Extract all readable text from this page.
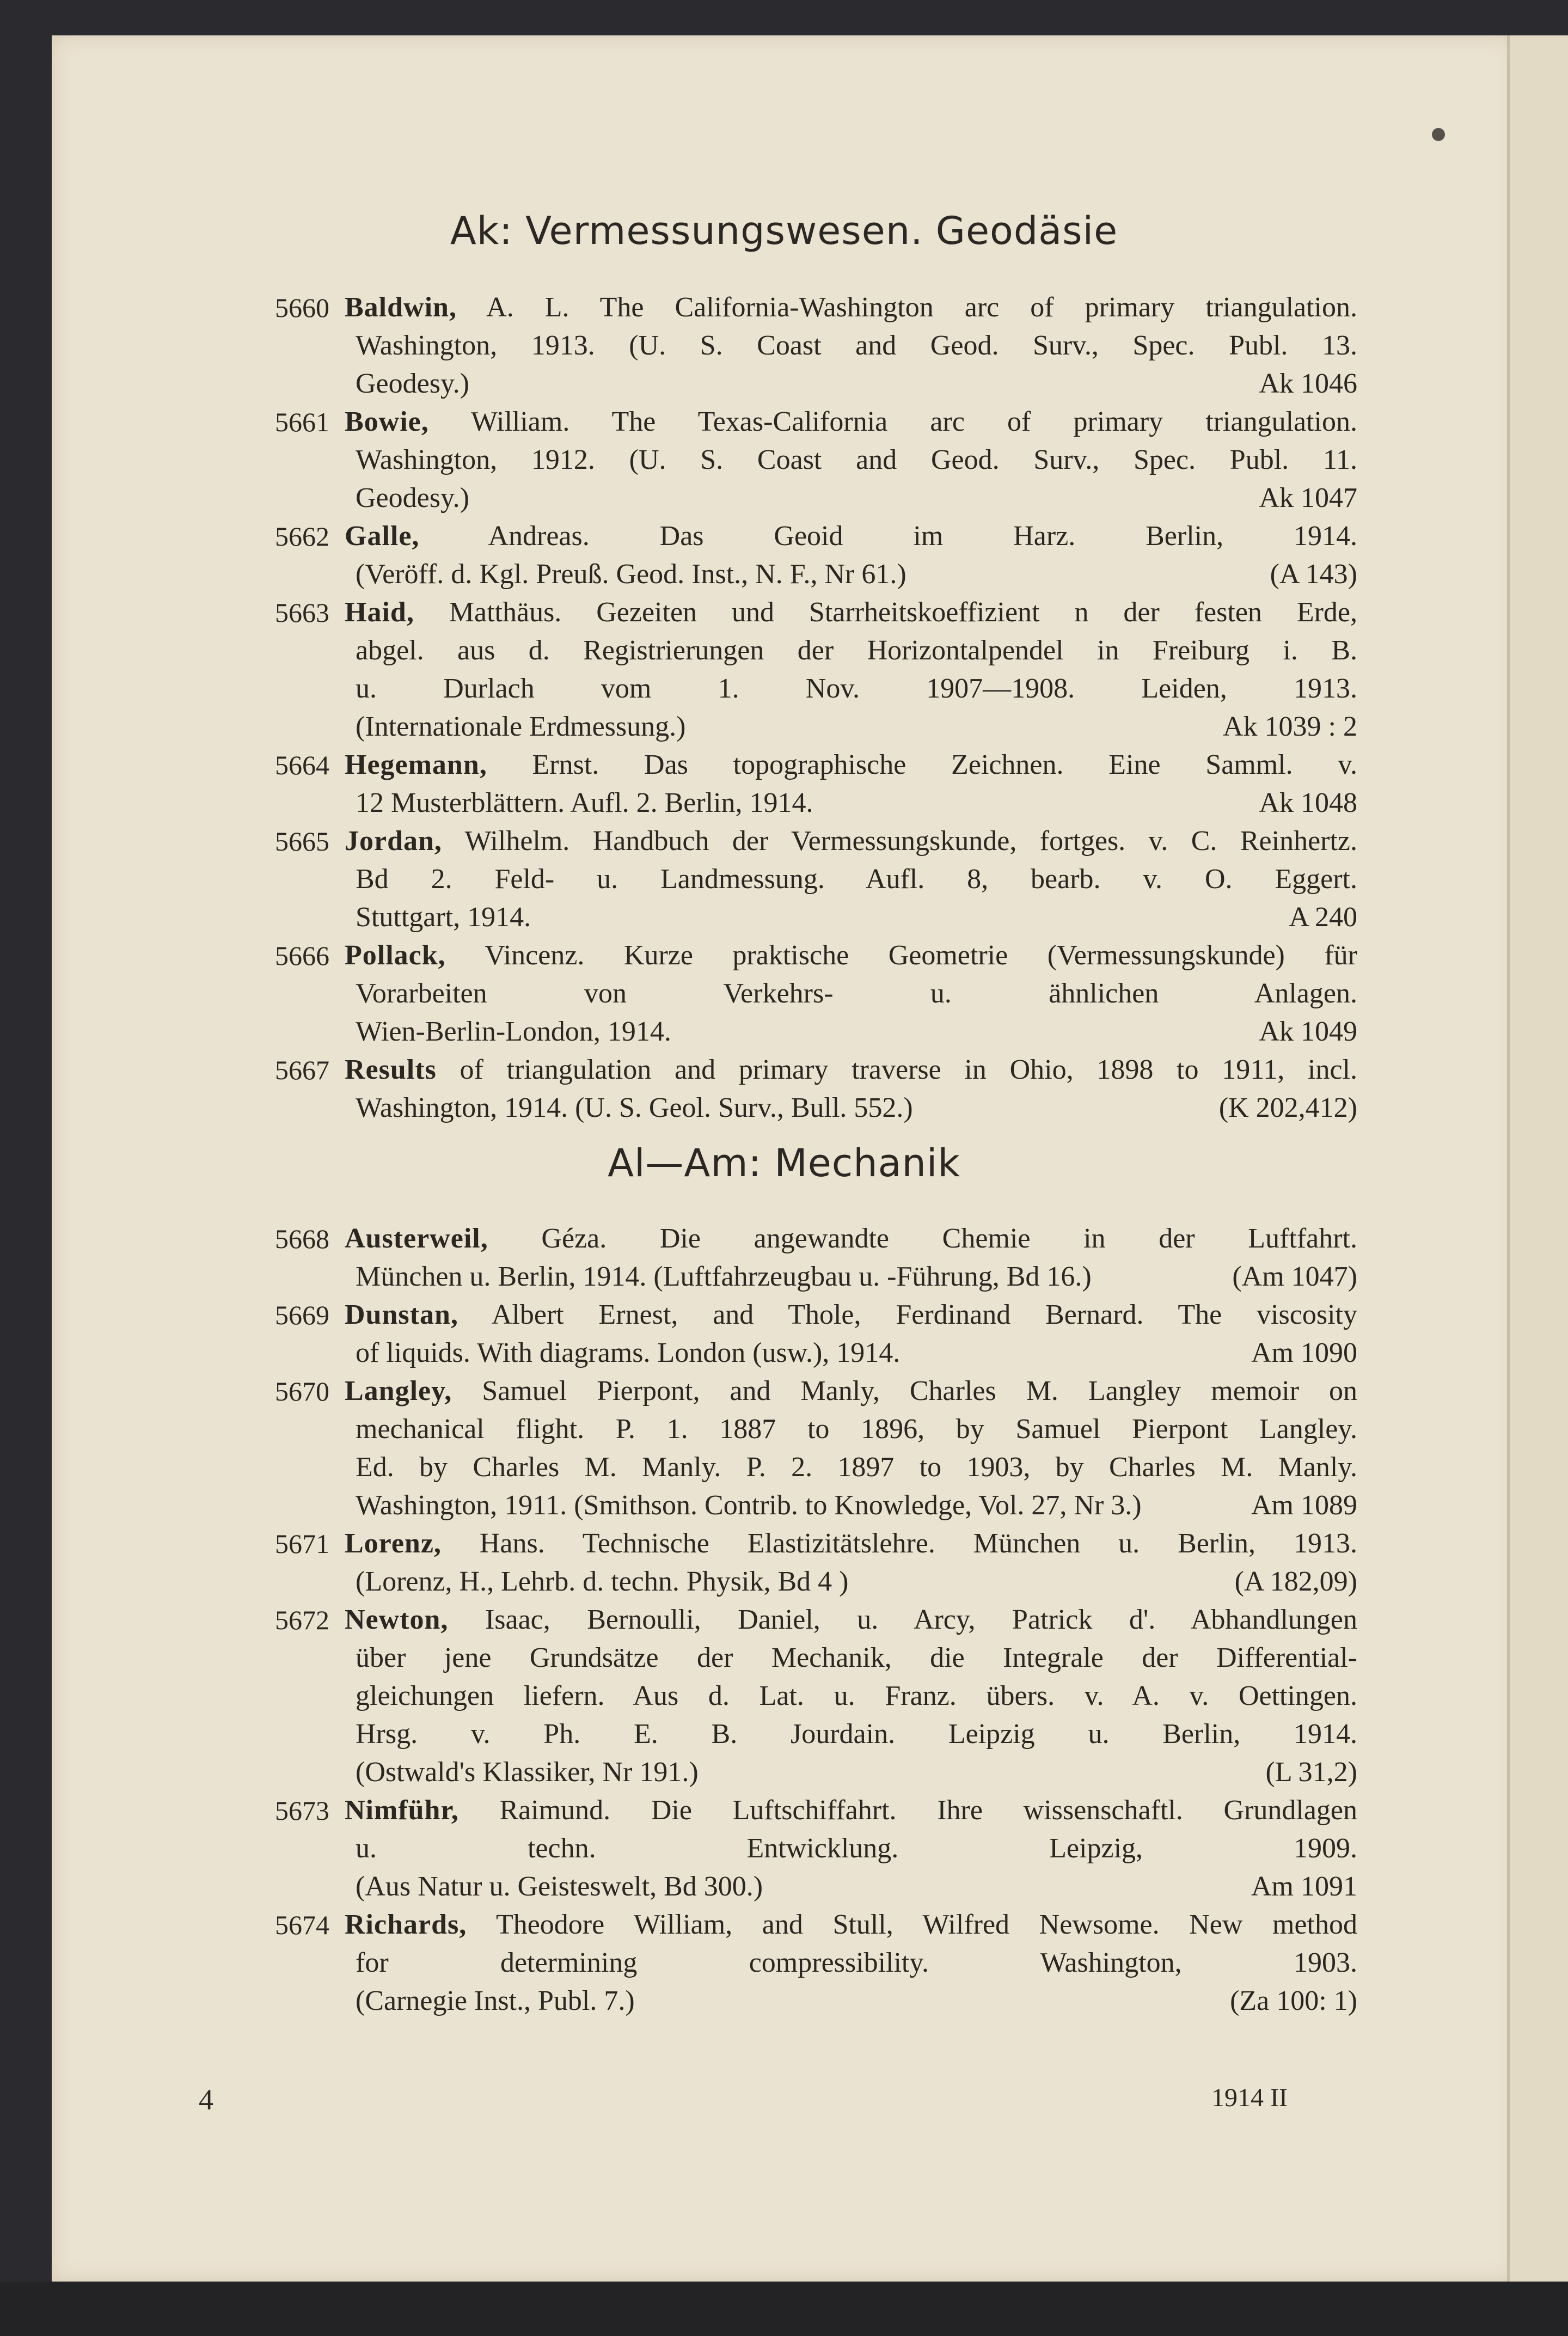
Ak: Vermessungswesen. Geodäsie
Al—Am: Mechanik
5660 Baldwin, A. L. The California-Washington arc of primary triangulation.
Washington, 1913. (U. S. Coast and Geod. Surv., Spec. Publ. 13.
Geodesy.)	Ak 1046
5661 Bowie, William. The Texas-California arc of primary triangulation.
Washington, 1912. (U. S. Coast and Geod. Surv., Spec. Publ. 11.
Geodesy.)	Ak 1047
5662 Galle, Andreas. Das Geoid im Harz. Berlin, 1914.
(Veröff. d. Kgl. Preuß. Geod. Inst., N. F., Nr 61.)	(A 143)
5663 Haid, Matthäus. Gezeiten und Starrheitskoeffizient n der festen Erde,
abgel. aus d. Registrierungen der Horizontalpendel in Freiburg i. B.
u. Durlach vom 1. Nov. 1907—1908. Leiden, 1913.
(Internationale Erdmessung.)	Ak 1039 : 2
5664 Hegemann, Ernst. Das topographische Zeichnen. Eine Samml. v.
12 Musterblättern. Aufl. 2. Berlin, 1914.	Ak 1048
5665 Jordan, Wilhelm. Handbuch der Vermessungskunde, fortges. v. C. Reinhertz.
Bd 2. Feld- u. Landmessung. Aufl. 8, bearb. v. O. Eggert.
Stuttgart, 1914.	A 240
5666 Pollack, Vincenz. Kurze praktische Geometrie (Vermessungskunde) für
Vorarbeiten von Verkehrs- u. ähnlichen Anlagen.
Wien-Berlin-London, 1914.	Ak 1049
5667 Results of triangulation and primary traverse in Ohio, 1898 to 1911, incl.
Washington, 1914. (U. S. Geol. Surv., Bull. 552.)	(K 202,412)
5668 Austerweil, Géza. Die angewandte Chemie in der Luftfahrt.
München u. Berlin, 1914. (Luftfahrzeugbau u. -Führung, Bd 16.)	(Am 1047)
5669 Dunstan, Albert Ernest, and Thole, Ferdinand Bernard. The viscosity
of liquids. With diagrams. London (usw.), 1914.	Am 1090
5670 Langley, Samuel Pierpont, and Manly, Charles M. Langley memoir on
mechanical flight. P. 1. 1887 to 1896, by Samuel Pierpont Langley.
Ed. by Charles M. Manly. P. 2. 1897 to 1903, by Charles M. Manly.
Washington, 1911. (Smithson. Contrib. to Knowledge, Vol. 27, Nr 3.)	Am 1089
5671 Lorenz, Hans. Technische Elastizitätslehre. München u. Berlin, 1913.
(Lorenz, H., Lehrb. d. techn. Physik, Bd 4 )	(A 182,09)
5672 Newton, Isaac, Bernoulli, Daniel, u. Arcy, Patrick d'. Abhandlungen
über jene Grundsätze der Mechanik, die Integrale der Differential-
gleichungen liefern. Aus d. Lat. u. Franz. übers. v. A. v. Oettingen.
Hrsg. v. Ph. E. B. Jourdain. Leipzig u. Berlin, 1914.
(Ostwald's Klassiker, Nr 191.)	(L 31,2)
5673 Nimführ, Raimund. Die Luftschiffahrt. Ihre wissenschaftl. Grundlagen
u. techn. Entwicklung. Leipzig, 1909.
(Aus Natur u. Geisteswelt, Bd 300.)	Am 1091
5674 Richards, Theodore William, and Stull, Wilfred Newsome. New method
for determining compressibility. Washington, 1903.
(Carnegie Inst., Publ. 7.)	(Za 100: 1)
4	1914 II
